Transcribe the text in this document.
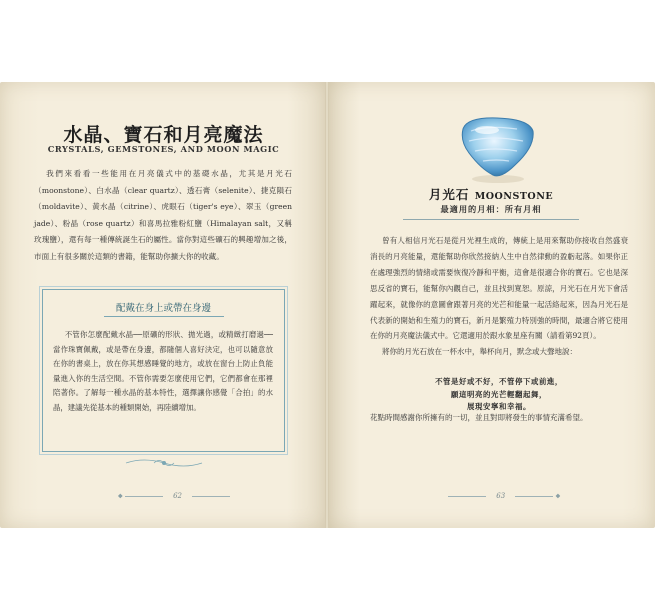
水晶、寶石和月亮魔法
CRYSTALS, GEMSTONES, AND MOON MAGIC

我們來看看一些能用在月亮儀式中的基礎水晶，尤其是月光石（moonstone）、白水晶（clear quartz）、透石膏（selenite）、捷克隕石（moldavite）、黃水晶（citrine）、虎眼石（tiger's eye）、翠玉（green jade）、粉晶（rose quartz）和喜馬拉雅粉紅鹽（Himalayan salt，又稱玫瑰鹽），還有每一種傳統誕生石的屬性。當你對這些礦石的興趣增加之後，市面上有很多關於這類的書籍，能幫助你擴大你的收藏。

配戴在身上或帶在身邊

不管你怎麼配戴水晶──原礦的形狀、拋光過，或精緻打磨過──當作珠寶佩戴，或是帶在身邊，都隨個人喜好決定，也可以隨意放在你的書桌上，放在你其想感睡覺的地方，或放在窗台上防止負能量進入你的生活空間。不管你需要怎麼使用它們，它們都會在那裡陪著你。了解每一種水晶的基本特性，選擇讓你感覺「合拍」的水晶，建議先從基本的種類開始，再陸續增加。

◆	62	63	◆
月光石 MOONSTONE
最適用的月相：所有月相

曾有人相信月光石是從月光裡生成的，傳統上是用來幫助你接收自然盛衰消長的月亮能量，還能幫助你欣然接納人生中自然律動的盈虧起落。如果你正在處理強烈的情緒或需要恢復冷靜和平衡，這會是很適合你的寶石。它也是深思反省的寶石，能幫你內觀自己，並且找到寬恕。原諒，月光石在月光下會活躍起來，就像你的意圖會跟著月亮的光芒和能量一起活絡起來，因為月光石是代表新的開始和生殖力的寶石，新月是繁殖力特別強的時間，最適合將它使用在你的月亮魔法儀式中。它還適用於跟水象星座有關（請看第92頁）。

將你的月光石放在一杯水中，舉杯向月，默念或大聲地說：

不管是好或不好，不管停下或前進，
願這明亮的光芒輕翻起舞，
展現安寧和幸福。

花點時間感謝你所擁有的一切，並且對即將發生的事情充滿希望。
